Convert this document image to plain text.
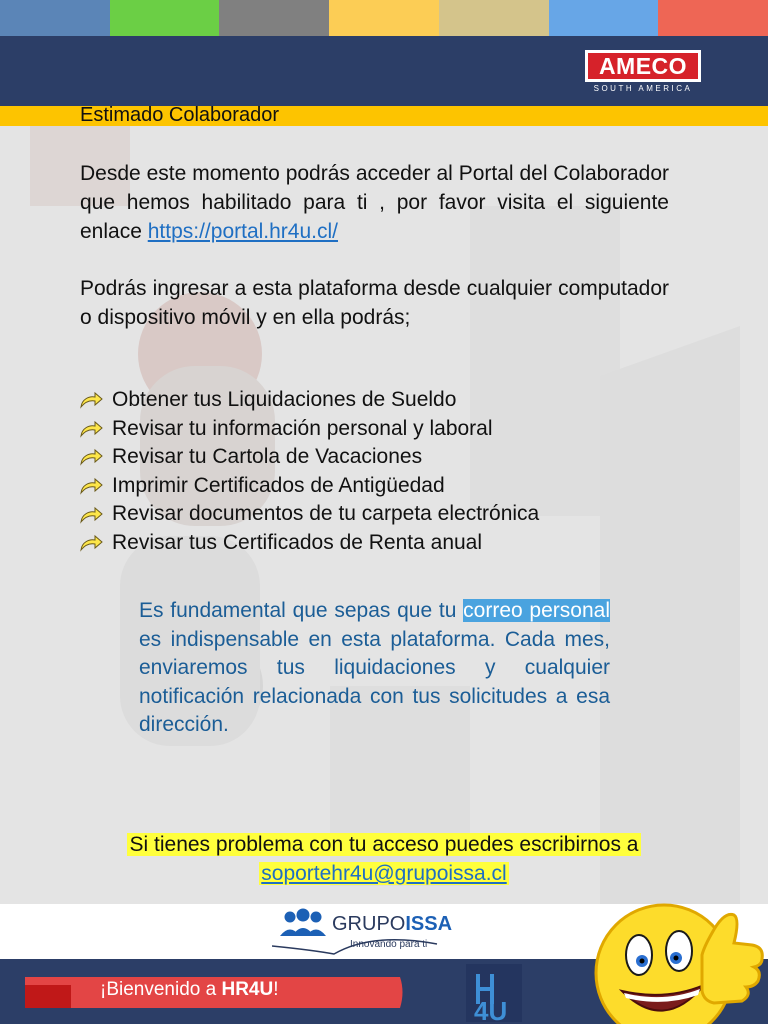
AMECO
SOUTH AMERICA
Estimado Colaborador
Desde este momento podrás acceder al Portal del Colaborador que hemos habilitado para ti , por favor visita el siguiente enlace https://portal.hr4u.cl/
Podrás ingresar a esta plataforma desde cualquier computador o dispositivo móvil y en ella podrás;
Obtener tus Liquidaciones de Sueldo
Revisar tu información personal y laboral
Revisar tu Cartola de Vacaciones
Imprimir Certificados de Antigüedad
Revisar documentos de tu carpeta electrónica
Revisar tus Certificados de Renta anual
Es fundamental que sepas que tu correo personal es indispensable en esta plataforma. Cada mes, enviaremos tus liquidaciones y cualquier notificación relacionada con tus solicitudes a esa dirección.
Si tienes problema con tu acceso puedes escribirnos a
soportehr4u@grupoissa.cl
GRUPOISSA
Innovando para ti
¡Bienvenido a HR4U!
4U
